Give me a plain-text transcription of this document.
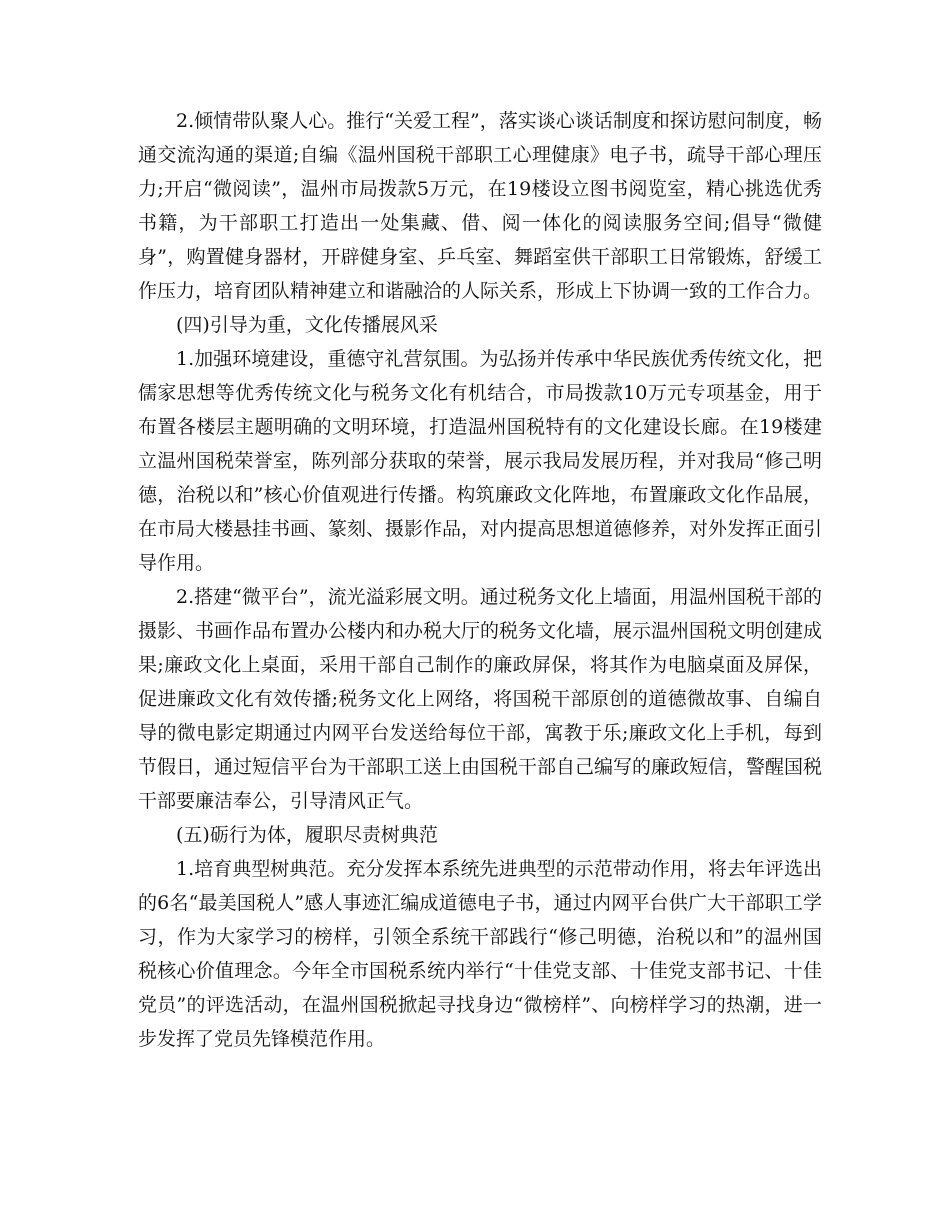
2.倾情带队聚人心。推行“关爱工程”，落实谈心谈话制度和探访慰问制度，畅通交流沟通的渠道;自编《温州国税干部职工心理健康》电子书，疏导干部心理压力;开启“微阅读”，温州市局拨款5万元，在19楼设立图书阅览室，精心挑选优秀书籍，为干部职工打造出一处集藏、借、阅一体化的阅读服务空间;倡导“微健身”，购置健身器材，开辟健身室、乒乓室、舞蹈室供干部职工日常锻炼，舒缓工作压力，培育团队精神建立和谐融洽的人际关系，形成上下协调一致的工作合力。

(四)引导为重，文化传播展风采

1.加强环境建设，重德守礼营氛围。为弘扬并传承中华民族优秀传统文化，把儒家思想等优秀传统文化与税务文化有机结合，市局拨款10万元专项基金，用于布置各楼层主题明确的文明环境，打造温州国税特有的文化建设长廊。在19楼建立温州国税荣誉室，陈列部分获取的荣誉，展示我局发展历程，并对我局“修己明德，治税以和”核心价值观进行传播。构筑廉政文化阵地，布置廉政文化作品展，在市局大楼悬挂书画、篆刻、摄影作品，对内提高思想道德修养，对外发挥正面引导作用。

2.搭建“微平台”，流光溢彩展文明。通过税务文化上墙面，用温州国税干部的摄影、书画作品布置办公楼内和办税大厅的税务文化墙，展示温州国税文明创建成果;廉政文化上桌面，采用干部自己制作的廉政屏保，将其作为电脑桌面及屏保，促进廉政文化有效传播;税务文化上网络，将国税干部原创的道德微故事、自编自导的微电影定期通过内网平台发送给每位干部，寓教于乐;廉政文化上手机，每到节假日，通过短信平台为干部职工送上由国税干部自己编写的廉政短信，警醒国税干部要廉洁奉公，引导清风正气。

(五)砺行为体，履职尽责树典范

1.培育典型树典范。充分发挥本系统先进典型的示范带动作用，将去年评选出的6名“最美国税人”感人事迹汇编成道德电子书，通过内网平台供广大干部职工学习，作为大家学习的榜样，引领全系统干部践行“修己明德，治税以和”的温州国税核心价值理念。今年全市国税系统内举行“十佳党支部、十佳党支部书记、十佳党员”的评选活动，在温州国税掀起寻找身边“微榜样”、向榜样学习的热潮，进一步发挥了党员先锋模范作用。
